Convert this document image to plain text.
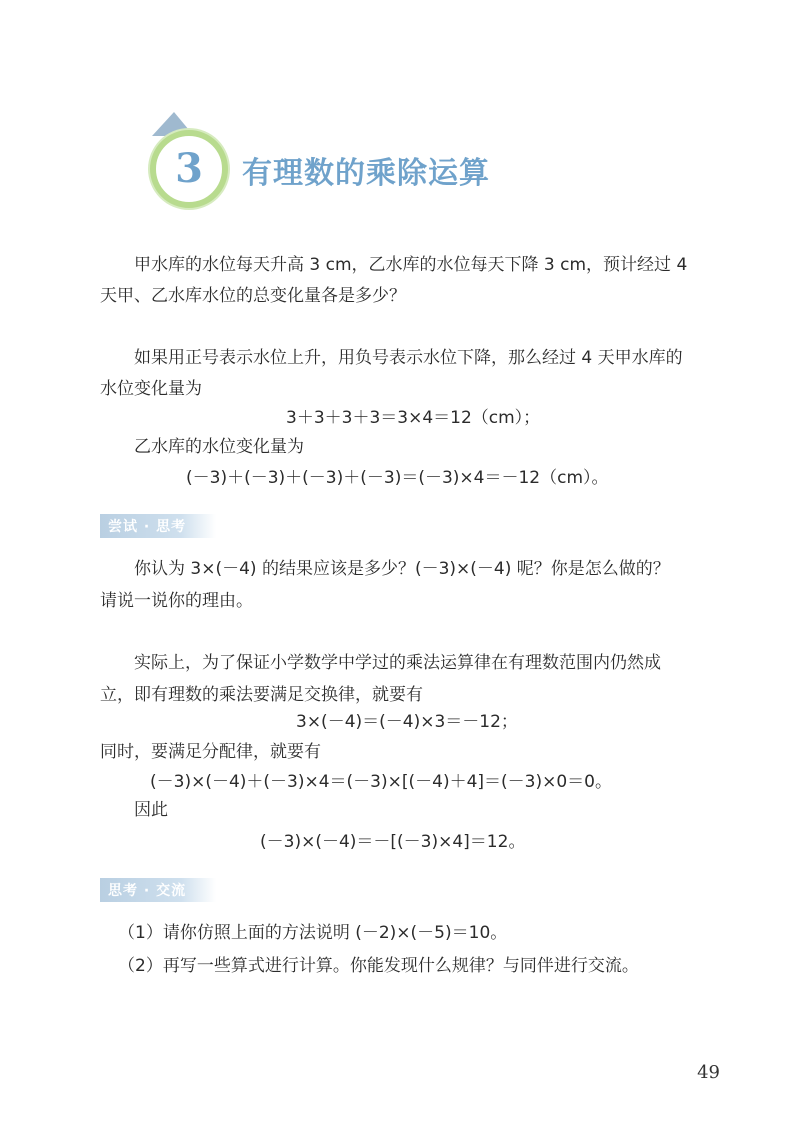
3	有理数的乘除运算
甲水库的水位每天升高 3 cm，乙水库的水位每天下降 3 cm，预计经过 4
天甲、乙水库水位的总变化量各是多少？
如果用正号表示水位上升，用负号表示水位下降，那么经过 4 天甲水库的
水位变化量为
3＋3＋3＋3＝3×4＝12（cm）；
乙水库的水位变化量为
(－3)＋(－3)＋(－3)＋(－3)＝(－3)×4＝－12（cm）。
尝试 · 思考
你认为 3×(－4) 的结果应该是多少？(－3)×(－4) 呢？你是怎么做的？
请说一说你的理由。
实际上，为了保证小学数学中学过的乘法运算律在有理数范围内仍然成
立，即有理数的乘法要满足交换律，就要有
3×(－4)＝(－4)×3＝－12；
同时，要满足分配律，就要有
(－3)×(－4)＋(－3)×4＝(－3)×[(－4)＋4]＝(－3)×0＝0。
因此
(－3)×(－4)＝－[(－3)×4]＝12。
思考 · 交流
（1）请你仿照上面的方法说明 (－2)×(－5)＝10。
（2）再写一些算式进行计算。你能发现什么规律？与同伴进行交流。
49
